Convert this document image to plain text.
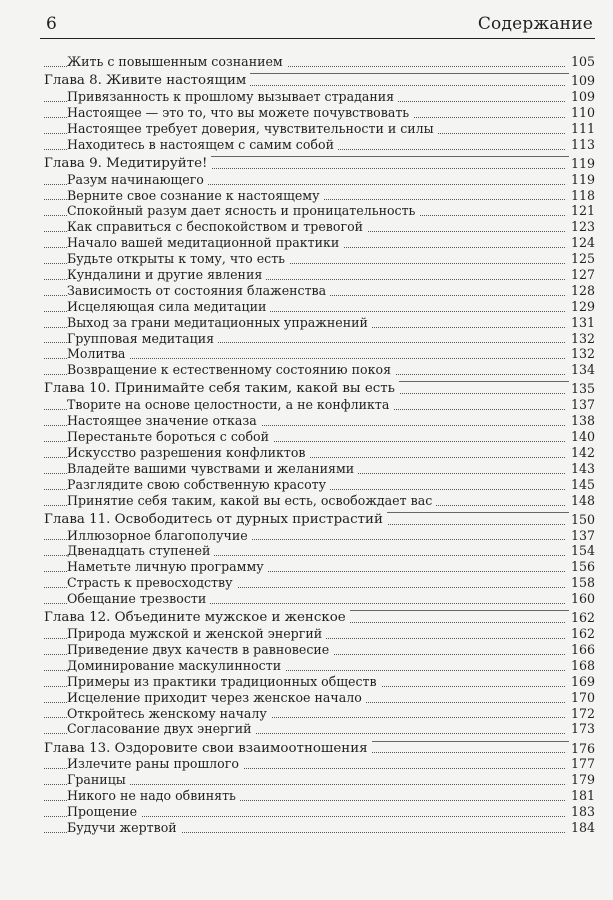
6	Содержание
Жить с повышенным сознанием	105
Глава 8. Живите настоящим	109
Привязанность к прошлому вызывает страдания	109
Настоящее — это то, что вы можете почувствовать	110
Настоящее требует доверия, чувствительности и силы	111
Находитесь в настоящем с самим собой	113
Глава 9. Медитируйте!	119
Разум начинающего	119
Верните свое сознание к настоящему	118
Спокойный разум дает ясность и проницательность	121
Как справиться с беспокойством и тревогой	123
Начало вашей медитационной практики	124
Будьте открыты к тому, что есть	125
Кундалини и другие явления	127
Зависимость от состояния блаженства	128
Исцеляющая сила медитации	129
Выход за грани медитационных упражнений	131
Групповая медитация	132
Молитва	132
Возвращение к естественному состоянию покоя	134
Глава 10. Принимайте себя таким, какой вы есть	135
Творите на основе целостности, а не конфликта	137
Настоящее значение отказа	138
Перестаньте бороться с собой	140
Искусство разрешения конфликтов	142
Владейте вашими чувствами и желаниями	143
Разглядите свою собственную красоту	145
Принятие себя таким, какой вы есть, освобождает вас	148
Глава 11. Освободитесь от дурных пристрастий	150
Иллюзорное благополучие	137
Двенадцать ступеней	154
Наметьте личную программу	156
Страсть к превосходству	158
Обещание трезвости	160
Глава 12. Объедините мужское и женское	162
Природа мужской и женской энергий	162
Приведение двух качеств в равновесие	166
Доминирование маскулинности	168
Примеры из практики традиционных обществ	169
Исцеление приходит через женское начало	170
Откройтесь женскому началу	172
Согласование двух энергий	173
Глава 13. Оздоровите свои взаимоотношения	176
Излечите раны прошлого	177
Границы	179
Никого не надо обвинять	181
Прощение	183
Будучи жертвой	184
